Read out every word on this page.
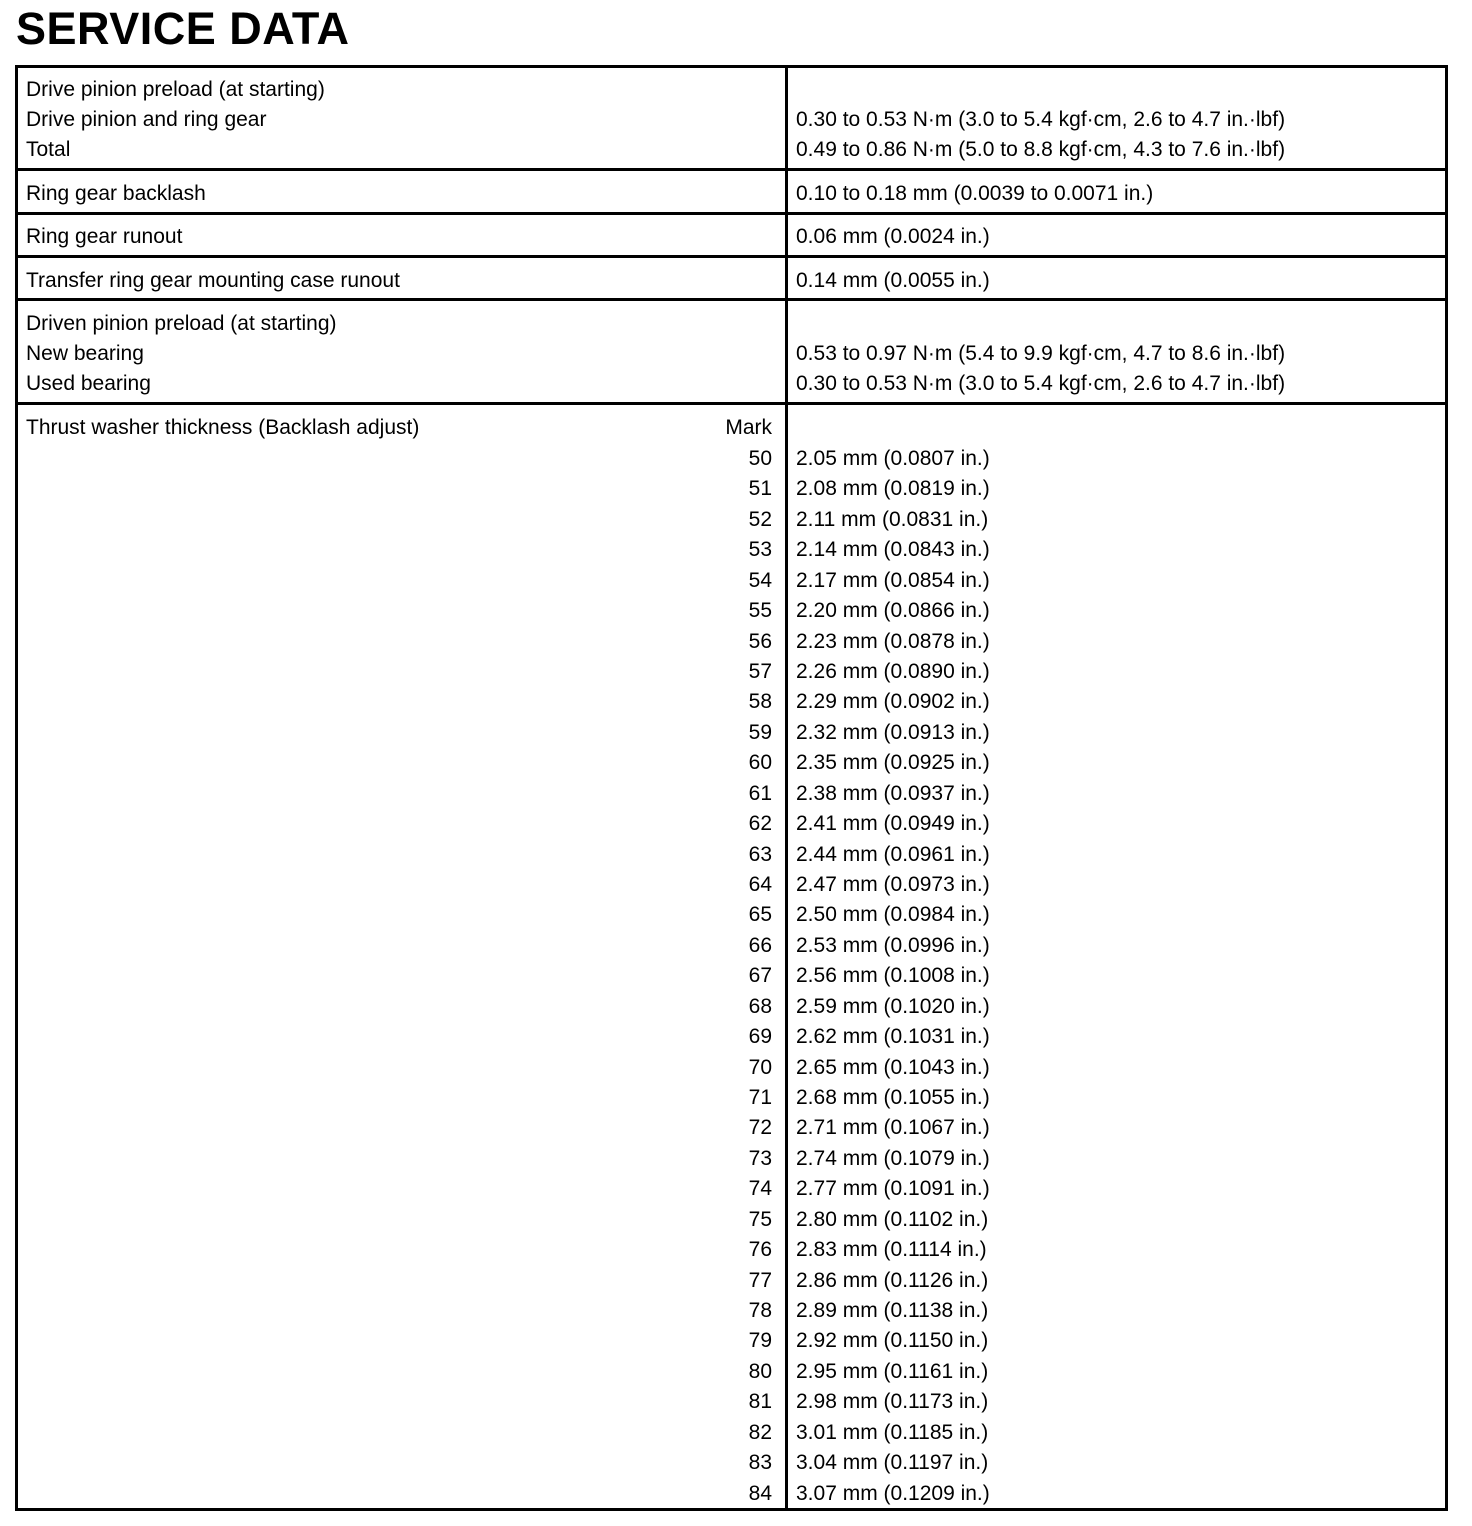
SERVICE DATA
Drive pinion preload (at starting)
Drive pinion and ring gear	0.30 to 0.53 N·m (3.0 to 5.4 kgf·cm, 2.6 to 4.7 in.·lbf)
Total	0.49 to 0.86 N·m (5.0 to 8.8 kgf·cm, 4.3 to 7.6 in.·lbf)
Ring gear backlash	0.10 to 0.18 mm (0.0039 to 0.0071 in.)
Ring gear runout	0.06 mm (0.0024 in.)
Transfer ring gear mounting case runout	0.14 mm (0.0055 in.)
Driven pinion preload (at starting)
New bearing	0.53 to 0.97 N·m (5.4 to 9.9 kgf·cm, 4.7 to 8.6 in.·lbf)
Used bearing	0.30 to 0.53 N·m (3.0 to 5.4 kgf·cm, 2.6 to 4.7 in.·lbf)
Thrust washer thickness (Backlash adjust)	Mark
50 2.05 mm (0.0807 in.)
51 2.08 mm (0.0819 in.)
52 2.11 mm (0.0831 in.)
53 2.14 mm (0.0843 in.)
54 2.17 mm (0.0854 in.)
55 2.20 mm (0.0866 in.)
56 2.23 mm (0.0878 in.)
57 2.26 mm (0.0890 in.)
58 2.29 mm (0.0902 in.)
59 2.32 mm (0.0913 in.)
60 2.35 mm (0.0925 in.)
61 2.38 mm (0.0937 in.)
62 2.41 mm (0.0949 in.)
63 2.44 mm (0.0961 in.)
64 2.47 mm (0.0973 in.)
65 2.50 mm (0.0984 in.)
66 2.53 mm (0.0996 in.)
67 2.56 mm (0.1008 in.)
68 2.59 mm (0.1020 in.)
69 2.62 mm (0.1031 in.)
70 2.65 mm (0.1043 in.)
71 2.68 mm (0.1055 in.)
72 2.71 mm (0.1067 in.)
73 2.74 mm (0.1079 in.)
74 2.77 mm (0.1091 in.)
75 2.80 mm (0.1102 in.)
76 2.83 mm (0.1114 in.)
77 2.86 mm (0.1126 in.)
78 2.89 mm (0.1138 in.)
79 2.92 mm (0.1150 in.)
80 2.95 mm (0.1161 in.)
81 2.98 mm (0.1173 in.)
82 3.01 mm (0.1185 in.)
83 3.04 mm (0.1197 in.)
84 3.07 mm (0.1209 in.)
